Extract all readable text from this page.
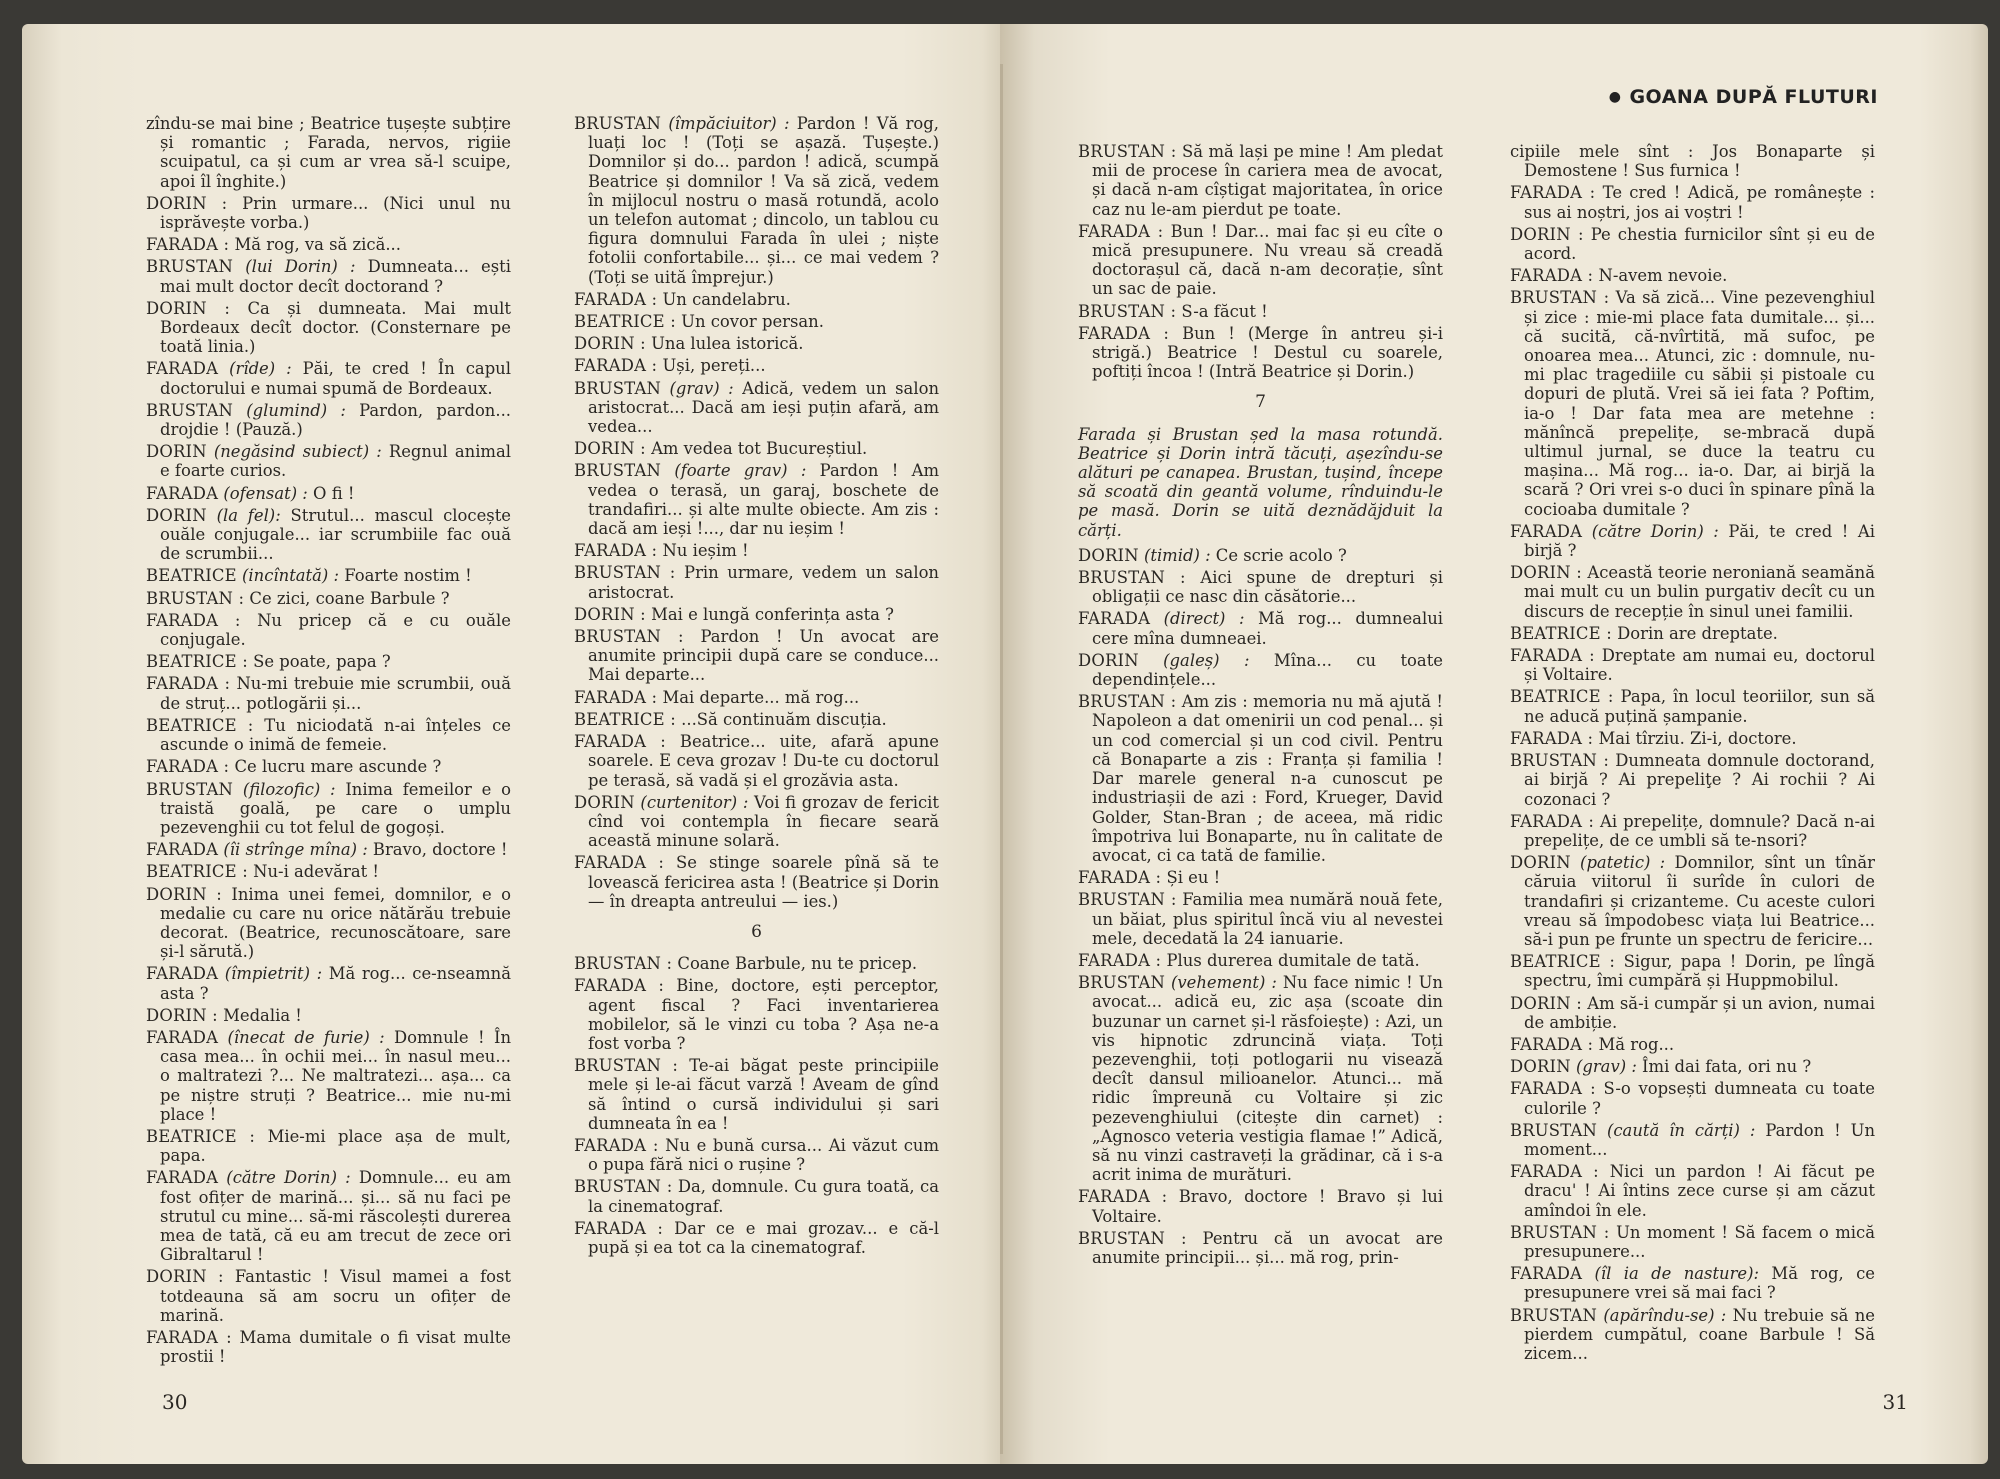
zîndu-se mai bine ; Beatrice tușește subțire și romantic ; Farada, nervos, rigiie scuipatul, ca și cum ar vrea să-l scuipe, apoi îl înghite.)

DORIN : Prin urmare... (Nici unul nu isprăvește vorba.)

FARADA : Mă rog, va să zică...

BRUSTAN (lui Dorin) : Dumneata... ești mai mult doctor decît doctorand ?

DORIN : Ca și dumneata. Mai mult Bordeaux decît doctor. (Consternare pe toată linia.)

FARADA (rîde) : Păi, te cred ! În capul doctorului e numai spumă de Bordeaux.

BRUSTAN (glumind) : Pardon, pardon... drojdie ! (Pauză.)

DORIN (negăsind subiect) : Regnul animal e foarte curios.

FARADA (ofensat) : O fi !

DORIN (la fel): Strutul... mascul clocește ouăle conjugale... iar scrumbiile fac ouă de scrumbii...

BEATRICE (incîntată) : Foarte nostim !

BRUSTAN : Ce zici, coane Barbule ?

FARADA : Nu pricep că e cu ouăle conjugale.

BEATRICE : Se poate, papa ?

FARADA : Nu-mi trebuie mie scrumbii, ouă de struț... potlogării și...

BEATRICE : Tu niciodată n-ai înțeles ce ascunde o inimă de femeie.

FARADA : Ce lucru mare ascunde ?

BRUSTAN (filozofic) : Inima femeilor e o traistă goală, pe care o umplu pezevenghii cu tot felul de gogoși.

FARADA (îi strînge mîna) : Bravo, doctore !

BEATRICE : Nu-i adevărat !

DORIN : Inima unei femei, domnilor, e o medalie cu care nu orice nătărău trebuie decorat. (Beatrice, recunoscătoare, sare și-l sărută.)

FARADA (împietrit) : Mă rog... ce-nseamnă asta ?

DORIN : Medalia !

FARADA (înecat de furie) : Domnule ! În casa mea... în ochii mei... în nasul meu... o maltratezi ?... Ne maltratezi... așa... ca pe niștre struți ? Beatrice... mie nu-mi place !

BEATRICE : Mie-mi place așa de mult, papa.

FARADA (către Dorin) : Domnule... eu am fost ofițer de marină... și... să nu faci pe strutul cu mine... să-mi răscolești durerea mea de tată, că eu am trecut de zece ori Gibraltarul !

DORIN : Fantastic ! Visul mamei a fost totdeauna să am socru un ofițer de marină.

FARADA : Mama dumitale o fi visat multe prostii !

BRUSTAN (împăciuitor) : Pardon ! Vă rog, luați loc ! (Toți se așază. Tușește.) Domnilor și do... pardon ! adică, scumpă Beatrice și domnilor ! Va să zică, vedem în mijlocul nostru o masă rotundă, acolo un telefon automat ; dincolo, un tablou cu figura domnului Farada în ulei ; niște fotolii confortabile... și... ce mai vedem ? (Toți se uită împrejur.)

FARADA : Un candelabru.

BEATRICE : Un covor persan.

DORIN : Una lulea istorică.

FARADA : Uși, pereți...

BRUSTAN (grav) : Adică, vedem un salon aristocrat... Dacă am ieși puțin afară, am vedea...

DORIN : Am vedea tot Bucureștiul.

BRUSTAN (foarte grav) : Pardon ! Am vedea o terasă, un garaj, boschete de trandafiri... și alte multe obiecte. Am zis : dacă am ieși !..., dar nu ieșim !

FARADA : Nu ieșim !

BRUSTAN : Prin urmare, vedem un salon aristocrat.

DORIN : Mai e lungă conferința asta ?

BRUSTAN : Pardon ! Un avocat are anumite principii după care se conduce... Mai departe...

FARADA : Mai departe... mă rog...

BEATRICE : ...Să continuăm discuția.

FARADA : Beatrice... uite, afară apune soarele. E ceva grozav ! Du-te cu doctorul pe terasă, să vadă și el grozăvia asta.

DORIN (curtenitor) : Voi fi grozav de fericit cînd voi contempla în fiecare seară această minune solară.

FARADA : Se stinge soarele pînă să te lovească fericirea asta ! (Beatrice și Dorin — în dreapta antreului — ies.)

6

BRUSTAN : Coane Barbule, nu te pricep.

FARADA : Bine, doctore, ești perceptor, agent fiscal ? Faci inventarierea mobilelor, să le vinzi cu toba ? Așa ne-a fost vorba ?

BRUSTAN : Te-ai băgat peste principiile mele și le-ai făcut varză ! Aveam de gînd să întind o cursă individului și sari dumneata în ea !

FARADA : Nu e bună cursa... Ai văzut cum o pupa fără nici o rușine ?

BRUSTAN : Da, domnule. Cu gura toată, ca la cinematograf.

FARADA : Dar ce e mai grozav... e că-l pupă și ea tot ca la cinematograf.

30
● GOANA DUPĂ FLUTURI

BRUSTAN : Să mă lași pe mine ! Am pledat mii de procese în cariera mea de avocat, și dacă n-am cîștigat majoritatea, în orice caz nu le-am pierdut pe toate.

FARADA : Bun ! Dar... mai fac și eu cîte o mică presupunere. Nu vreau să creadă doctorașul că, dacă n-am decorație, sînt un sac de paie.

BRUSTAN : S-a făcut !

FARADA : Bun ! (Merge în antreu și-i strigă.) Beatrice ! Destul cu soarele, poftiți încoa ! (Intră Beatrice și Dorin.)

7

Farada și Brustan șed la masa rotundă. Beatrice și Dorin intră tăcuți, așezîndu-se alături pe canapea. Brustan, tușind, începe să scoată din geantă volume, rînduindu-le pe masă. Dorin se uită deznădăjduit la cărți.

DORIN (timid) : Ce scrie acolo ?

BRUSTAN : Aici spune de drepturi și obligații ce nasc din căsătorie...

FARADA (direct) : Mă rog... dumnealui cere mîna dumneaei.

DORIN (galeș) : Mîna... cu toate dependințele...

BRUSTAN : Am zis : memoria nu mă ajută ! Napoleon a dat omenirii un cod penal... și un cod comercial și un cod civil. Pentru că Bonaparte a zis : Franța și familia ! Dar marele general n-a cunoscut pe industriașii de azi : Ford, Krueger, David Golder, Stan-Bran ; de aceea, mă ridic împotriva lui Bonaparte, nu în calitate de avocat, ci ca tată de familie.

FARADA : Și eu !

BRUSTAN : Familia mea numără nouă fete, un băiat, plus spiritul încă viu al nevestei mele, decedată la 24 ianuarie.

FARADA : Plus durerea dumitale de tată.

BRUSTAN (vehement) : Nu face nimic ! Un avocat... adică eu, zic așa (scoate din buzunar un carnet și-l răsfoiește) : Azi, un vis hipnotic zdruncină viața. Toți pezevenghii, toți potlogarii nu visează decît dansul milioanelor. Atunci... mă ridic împreună cu Voltaire și zic pezevenghiului (citește din carnet) : „Agnosco veteria vestigia flamae !” Adică, să nu vinzi castraveți la grădinar, că i s-a acrit inima de murături.

FARADA : Bravo, doctore ! Bravo și lui Voltaire.

BRUSTAN : Pentru că un avocat are anumite principii... și... mă rog, prin-

cipiile mele sînt : Jos Bonaparte și Demostene ! Sus furnica !

FARADA : Te cred ! Adică, pe românește : sus ai noștri, jos ai voștri !

DORIN : Pe chestia furnicilor sînt și eu de acord.

FARADA : N-avem nevoie.

BRUSTAN : Va să zică... Vine pezevenghiul și zice : mie-mi place fata dumitale... și... că sucită, că-nvîrtită, mă sufoc, pe onoarea mea... Atunci, zic : domnule, nu-mi plac tragediile cu săbii și pistoale cu dopuri de plută. Vrei să iei fata ? Poftim, ia-o ! Dar fata mea are metehne : mănîncă prepelițe, se-mbracă după ultimul jurnal, se duce la teatru cu mașina... Mă rog... ia-o. Dar, ai birjă la scară ? Ori vrei s-o duci în spinare pînă la cocioaba dumitale ?

FARADA (către Dorin) : Păi, te cred ! Ai birjă ?

DORIN : Această teorie neroniană seamănă mai mult cu un bulin purgativ decît cu un discurs de recepție în sinul unei familii.

BEATRICE : Dorin are dreptate.

FARADA : Dreptate am numai eu, doctorul și Voltaire.

BEATRICE : Papa, în locul teoriilor, sun să ne aducă puțină șampanie.

FARADA : Mai tîrziu. Zi-i, doctore.

BRUSTAN : Dumneata domnule doctorand, ai birjă ? Ai prepeliţe ? Ai rochii ? Ai cozonaci ?

FARADA : Ai prepelițe, domnule? Dacă n-ai prepelițe, de ce umbli să te-nsori?

DORIN (patetic) : Domnilor, sînt un tînăr căruia viitorul îi surîde în culori de trandafiri și crizanteme. Cu aceste culori vreau să împodobesc viața lui Beatrice... să-i pun pe frunte un spectru de fericire...

BEATRICE : Sigur, papa ! Dorin, pe lîngă spectru, îmi cumpără și Huppmobilul.

DORIN : Am să-i cumpăr și un avion, numai de ambiție.

FARADA : Mă rog...

DORIN (grav) : Îmi dai fata, ori nu ?

FARADA : S-o vopsești dumneata cu toate culorile ?

BRUSTAN (caută în cărți) : Pardon ! Un moment...

FARADA : Nici un pardon ! Ai făcut pe dracu' ! Ai întins zece curse și am căzut amîndoi în ele.

BRUSTAN : Un moment ! Să facem o mică presupunere...

FARADA (îl ia de nasture): Mă rog, ce presupunere vrei să mai faci ?

BRUSTAN (apărîndu-se) : Nu trebuie să ne pierdem cumpătul, coane Barbule ! Să zicem...

31
